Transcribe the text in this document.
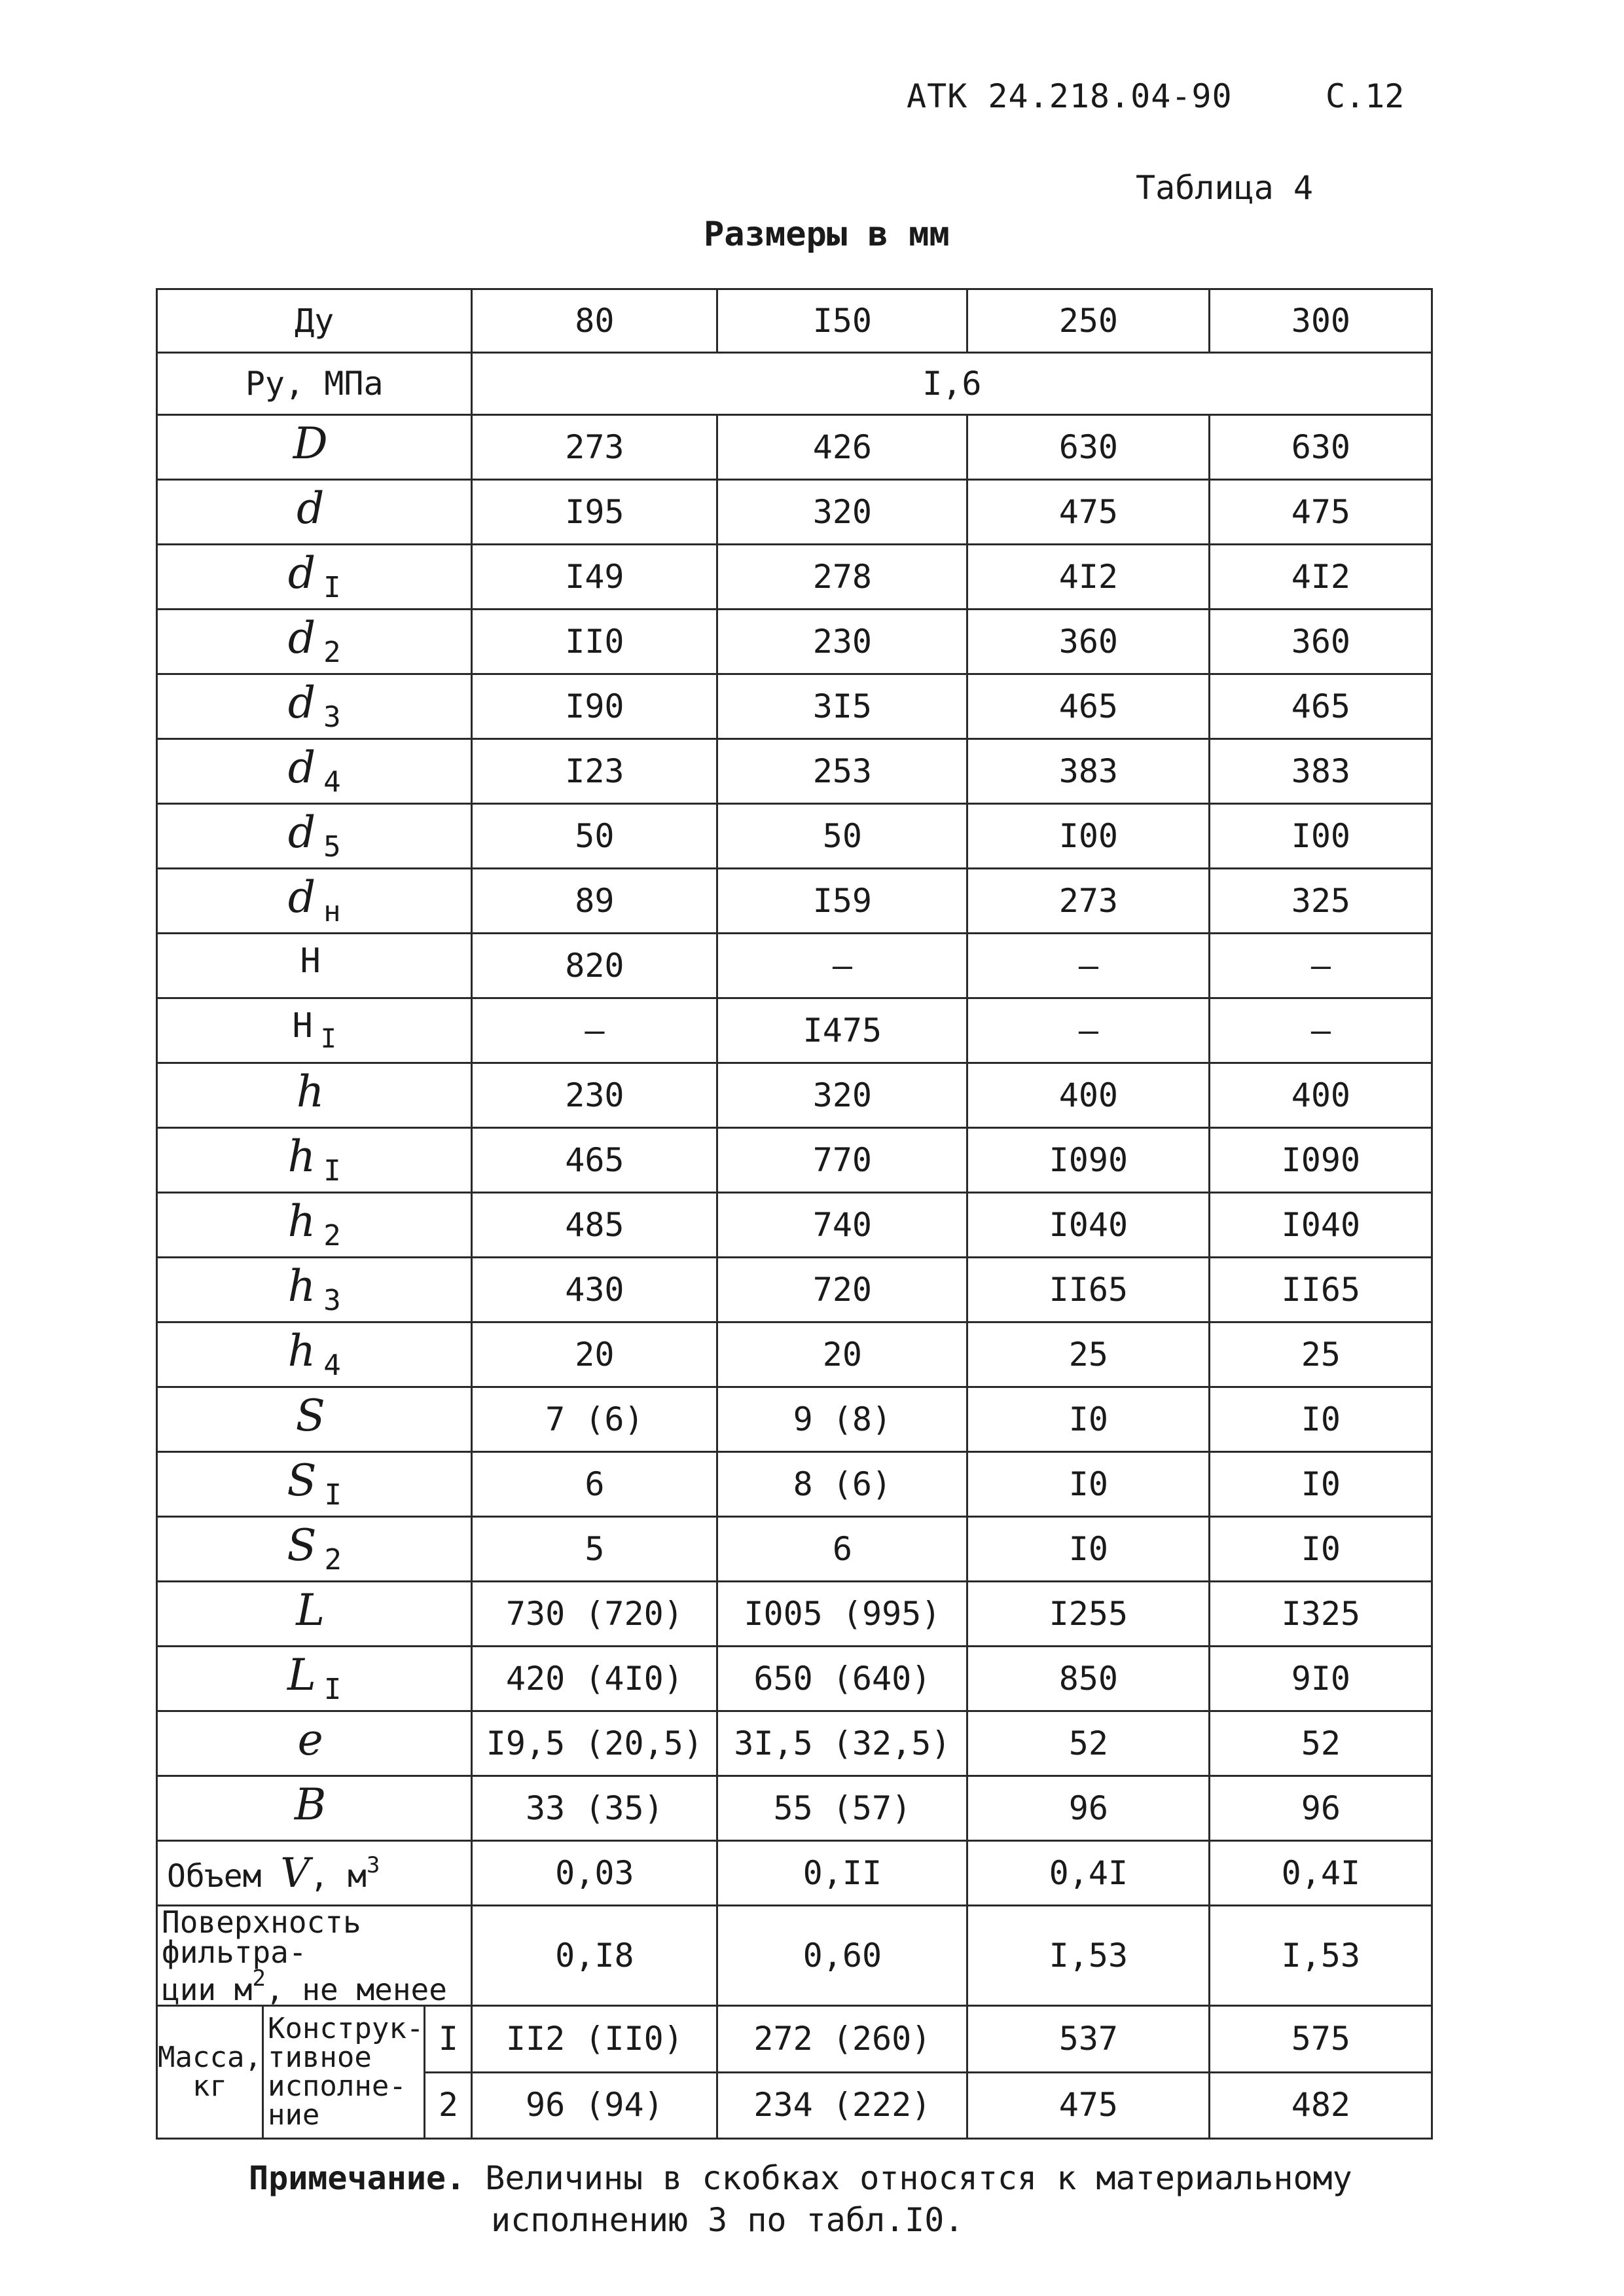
АТК 24.218.04-90	С.12
Таблица 4
Размеры в мм
Ду			80	I50	250	300
Ру, МПа			I,6			
D			273	426	630	630
d			I95	320	475	475
d $_I$			I49	278	4I2	4I2
d $_2$			II0	230	360	360
d $_3$			I90	3I5	465	465
d $_4$			I23	253	383	383
d $_5$			50	50	I00	I00
d $_н$			89	I59	273	325
H			820	–	–	–
H $_I$			–	I475	–	–
h			230	320	400	400
h $_I$			465	770	I090	I090
h $_2$			485	740	I040	I040
h $_3$			430	720	II65	II65
h $_4$			20	20	25	25
S			7 (6)	9 (8)	I0	I0
S $_I$			6	8 (6)	I0	I0
S $_2$			5	6	I0	I0
L			730 (720)	I005 (995)	I255	I325
L $_I$			420 (4I0)	650 (640)	850	9I0
e			I9,5 (20,5)	3I,5 (32,5)	52	52
B			33 (35)	55 (57)	96	96
Объем V, $м^3$			0,03	0,II	0,4I	0,4I
Поверхность фильтра-
ции $м^2$, не менее			0,I8	0,60	I,53	I,53
Масса, кг	Конструк- тивное исполне- ние	I	II2 (II0)	272 (260)	537	575
		2	96 (94)	234 (222)	475	482
Примечание. Величины в скобках относятся к материальному
исполнению 3 по табл.I0.
